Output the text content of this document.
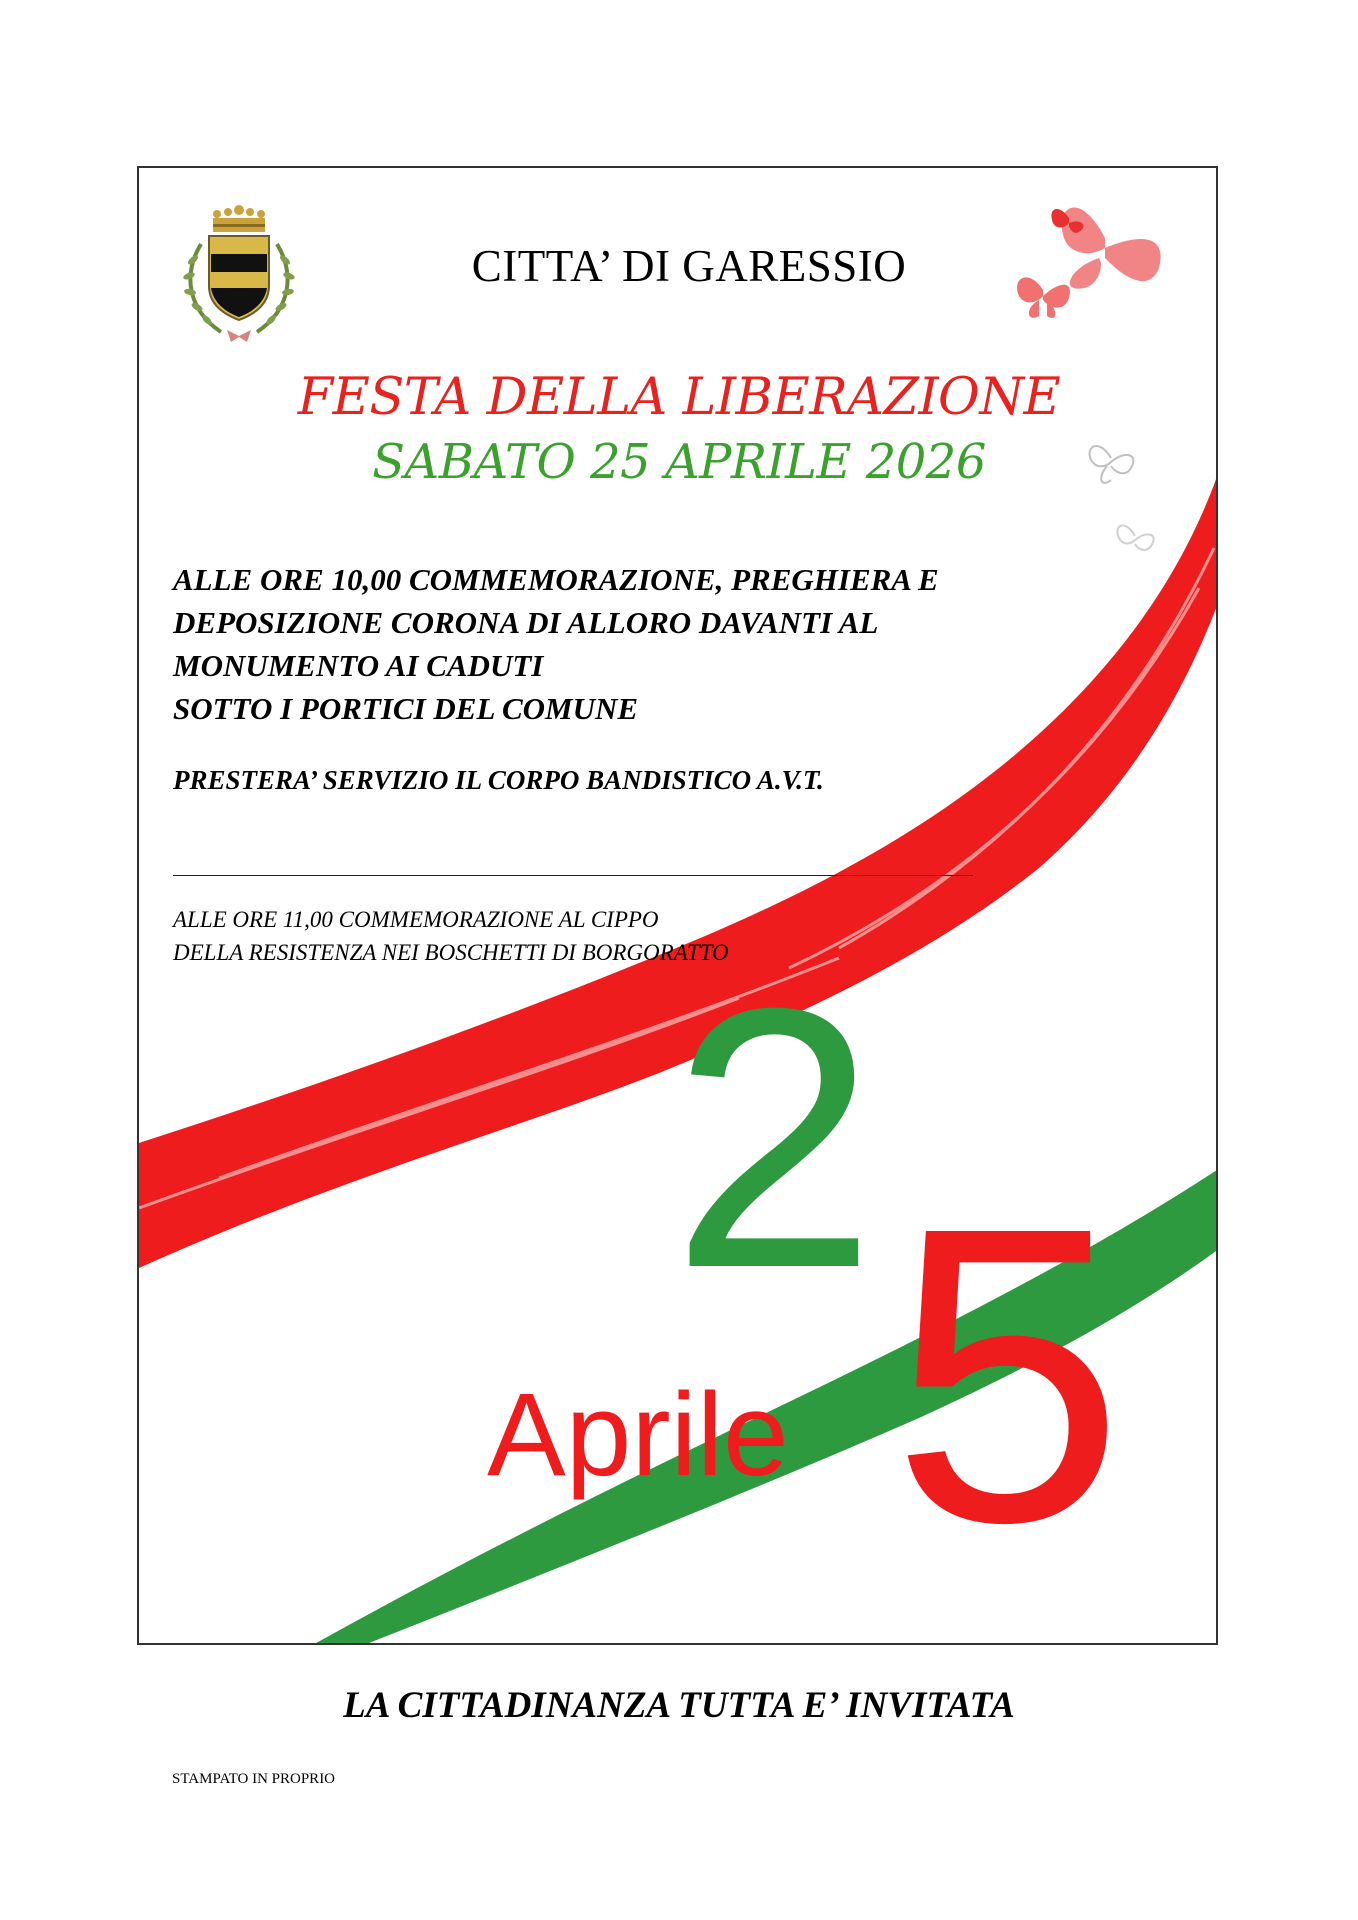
2
5
Aprile
CITTA’ DI GARESSIO
FESTA DELLA LIBERAZIONE
SABATO 25 APRILE 2026
ALLE ORE 10,00 COMMEMORAZIONE, PREGHIERA E
DEPOSIZIONE CORONA DI ALLORO DAVANTI AL
MONUMENTO AI CADUTI
SOTTO I PORTICI DEL COMUNE
PRESTERA’ SERVIZIO IL CORPO BANDISTICO A.V.T.
ALLE ORE 11,00 COMMEMORAZIONE AL CIPPO
DELLA RESISTENZA NEI BOSCHETTI DI BORGORATTO
LA CITTADINANZA TUTTA E’ INVITATA
STAMPATO IN PROPRIO
